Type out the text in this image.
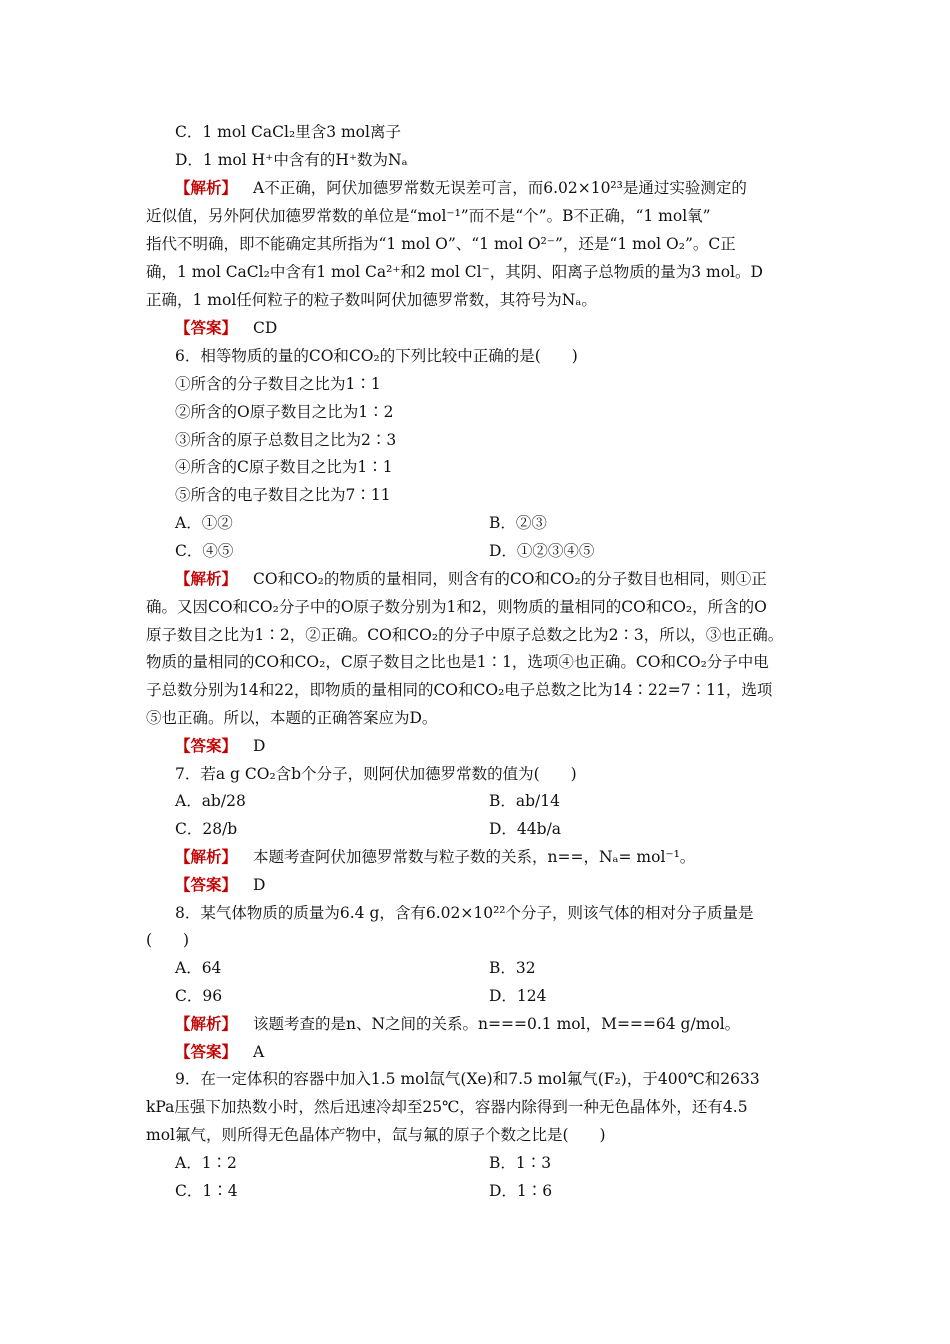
C．1 mol CaCl₂里含3 mol离子
D．1 mol H⁺中含有的H⁺数为Nₐ
【解析】 A不正确，阿伏加德罗常数无误差可言，而6.02×10²³是通过实验测定的
近似值，另外阿伏加德罗常数的单位是“mol⁻¹”而不是“个”。B不正确，“1 mol氧”
指代不明确，即不能确定其所指为“1 mol O”、“1 mol O²⁻”，还是“1 mol O₂”。C正
确，1 mol CaCl₂中含有1 mol Ca²⁺和2 mol Cl⁻，其阴、阳离子总物质的量为3 mol。D
正确，1 mol任何粒子的粒子数叫阿伏加德罗常数，其符号为Nₐ。
【答案】 CD
6．相等物质的量的CO和CO₂的下列比较中正确的是(　　)
①所含的分子数目之比为1∶1
②所含的O原子数目之比为1∶2
③所含的原子总数目之比为2∶3
④所含的C原子数目之比为1∶1
⑤所含的电子数目之比为7∶11
A．①②	B．②③
C．④⑤	D．①②③④⑤
【解析】 CO和CO₂的物质的量相同，则含有的CO和CO₂的分子数目也相同，则①正
确。又因CO和CO₂分子中的O原子数分别为1和2，则物质的量相同的CO和CO₂，所含的O
原子数目之比为1∶2，②正确。CO和CO₂的分子中原子总数之比为2∶3，所以，③也正确。
物质的量相同的CO和CO₂，C原子数目之比也是1∶1，选项④也正确。CO和CO₂分子中电
子总数分别为14和22，即物质的量相同的CO和CO₂电子总数之比为14∶22=7∶11，选项
⑤也正确。所以，本题的正确答案应为D。
【答案】 D
7．若a g CO₂含b个分子，则阿伏加德罗常数的值为(　　)
A．ab/28	B．ab/14
C．28/b	D．44b/a
【解析】 本题考查阿伏加德罗常数与粒子数的关系，n==，Nₐ= mol⁻¹。
【答案】 D
8．某气体物质的质量为6.4 g，含有6.02×10²²个分子，则该气体的相对分子质量是
(　　)
A．64	B．32
C．96	D．124
【解析】 该题考查的是n、N之间的关系。n===0.1 mol，M===64 g/mol。
【答案】 A
9．在一定体积的容器中加入1.5 mol氙气(Xe)和7.5 mol氟气(F₂)，于400℃和2633
kPa压强下加热数小时，然后迅速冷却至25℃，容器内除得到一种无色晶体外，还有4.5
mol氟气，则所得无色晶体产物中，氙与氟的原子个数之比是(　　)
A．1∶2	B．1∶3
C．1∶4	D．1∶6
